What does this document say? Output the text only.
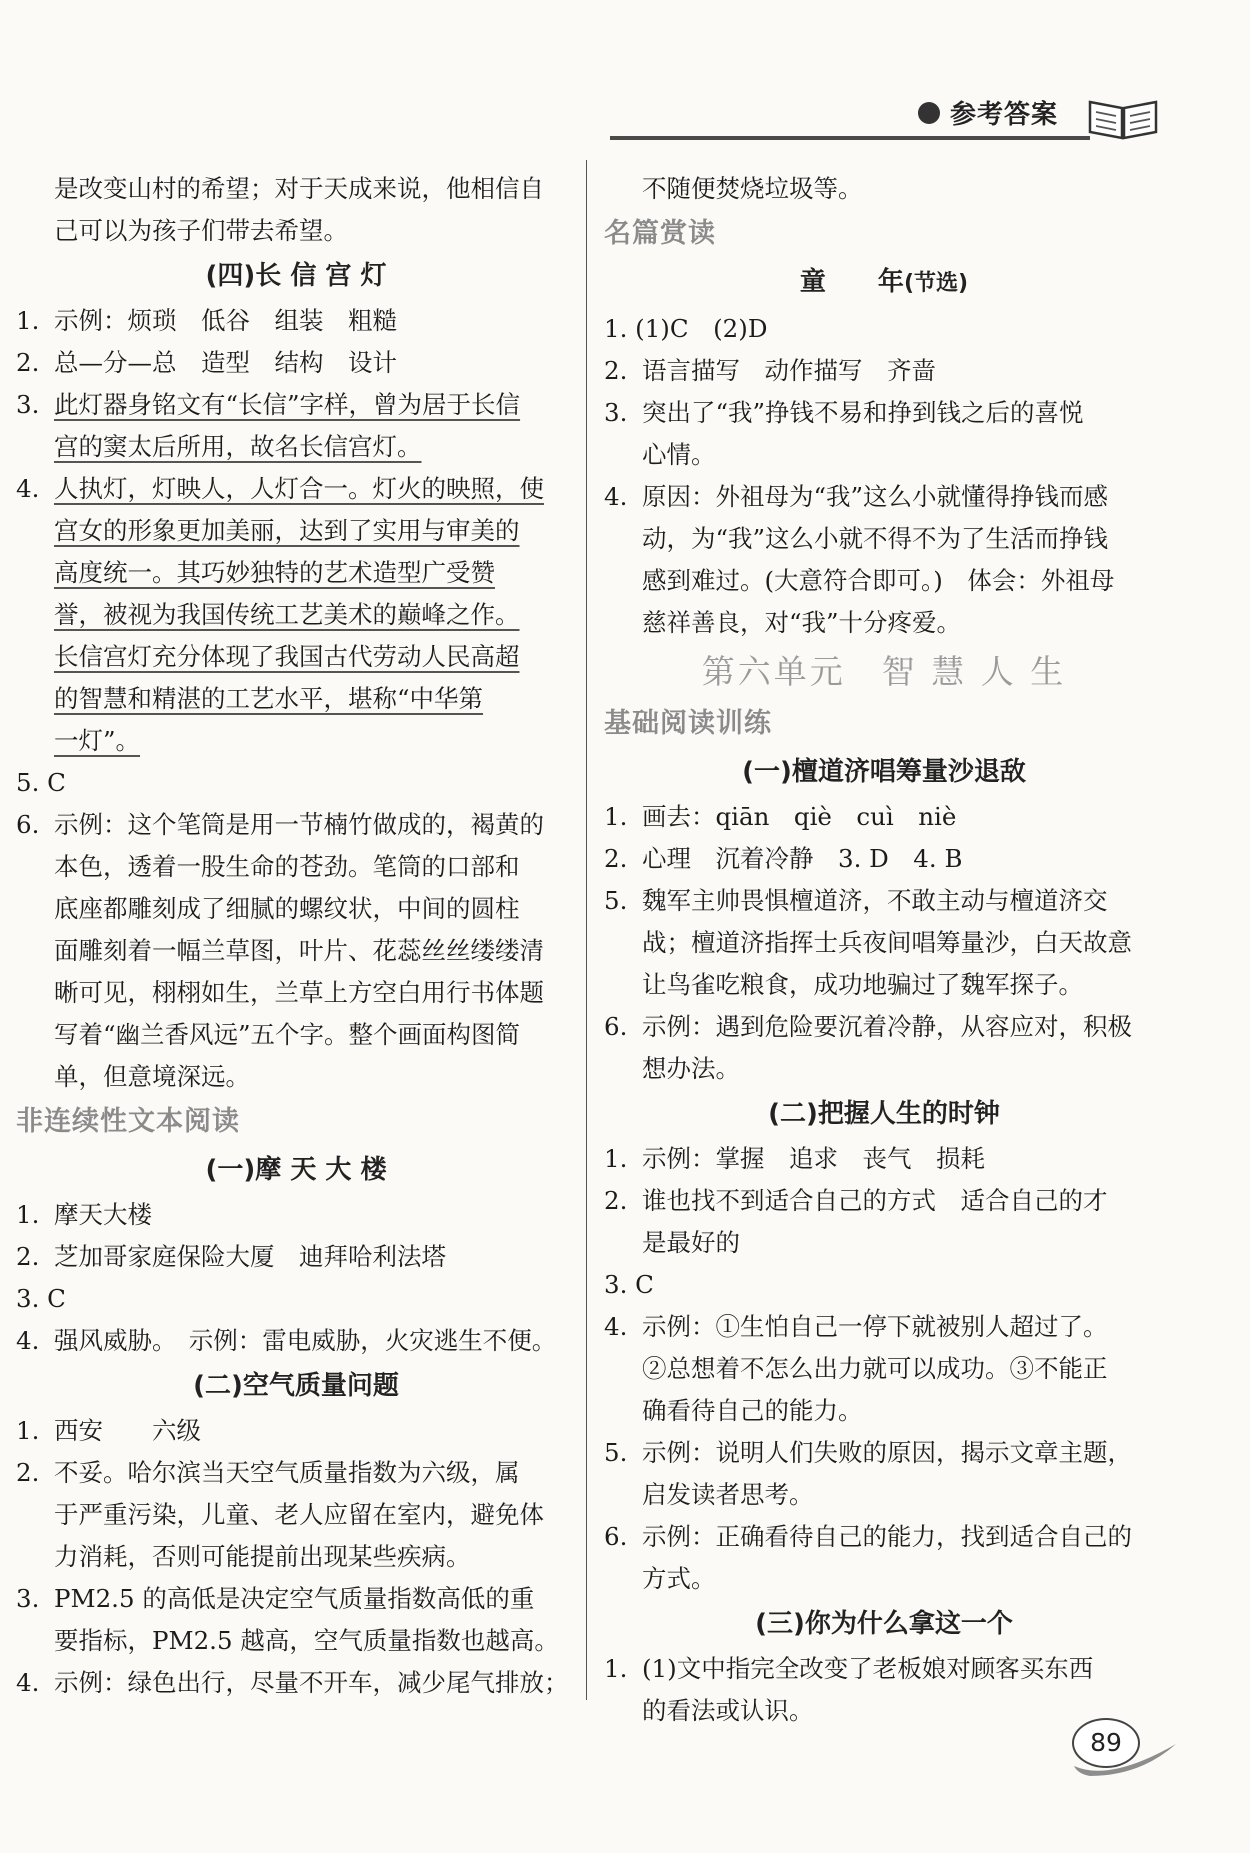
参考答案
是改变山村的希望；对于天成来说，他相信自
己可以为孩子们带去希望。
(四)长 信 宫 灯
1. 示例：烦琐　低谷　组装　粗糙
2. 总—分—总　造型　结构　设计
3. 此灯器身铭文有“长信”字样，曾为居于长信
宫的窦太后所用，故名长信宫灯。
4. 人执灯，灯映人，人灯合一。灯火的映照，使
宫女的形象更加美丽，达到了实用与审美的
高度统一。其巧妙独特的艺术造型广受赞
誉，被视为我国传统工艺美术的巅峰之作。
长信宫灯充分体现了我国古代劳动人民高超
的智慧和精湛的工艺水平，堪称“中华第
一灯”。
5. C
6. 示例：这个笔筒是用一节楠竹做成的，褐黄的
本色，透着一股生命的苍劲。笔筒的口部和
底座都雕刻成了细腻的螺纹状，中间的圆柱
面雕刻着一幅兰草图，叶片、花蕊丝丝缕缕清
晰可见，栩栩如生，兰草上方空白用行书体题
写着“幽兰香风远”五个字。整个画面构图简
单，但意境深远。
非连续性文本阅读
(一)摩 天 大 楼
1. 摩天大楼
2. 芝加哥家庭保险大厦　迪拜哈利法塔
3. C
4. 强风威胁。　示例：雷电威胁，火灾逃生不便。
(二)空气质量问题
1. 西安　　六级
2. 不妥。哈尔滨当天空气质量指数为六级，属
于严重污染，儿童、老人应留在室内，避免体
力消耗，否则可能提前出现某些疾病。
3. PM2.5 的高低是决定空气质量指数高低的重
要指标，PM2.5 越高，空气质量指数也越高。
4. 示例：绿色出行，尽量不开车，减少尾气排放；
不随便焚烧垃圾等。
名篇赏读
童　　年(节选)
1. (1)C　(2)D
2. 语言描写　动作描写　齐啬
3. 突出了“我”挣钱不易和挣到钱之后的喜悦
心情。
4. 原因：外祖母为“我”这么小就懂得挣钱而感
动，为“我”这么小就不得不为了生活而挣钱
感到难过。(大意符合即可。)　体会：外祖母
慈祥善良，对“我”十分疼爱。
第六单元　智 慧 人 生
基础阅读训练
(一)檀道济唱筹量沙退敌
1. 画去：qiān　qiè　cuì　niè
2. 心理　沉着冷静　3. D　4. B
5. 魏军主帅畏惧檀道济，不敢主动与檀道济交
战；檀道济指挥士兵夜间唱筹量沙，白天故意
让鸟雀吃粮食，成功地骗过了魏军探子。
6. 示例：遇到危险要沉着冷静，从容应对，积极
想办法。
(二)把握人生的时钟
1. 示例：掌握　追求　丧气　损耗
2. 谁也找不到适合自己的方式　适合自己的才
是最好的
3. C
4. 示例：①生怕自己一停下就被别人超过了。
②总想着不怎么出力就可以成功。③不能正
确看待自己的能力。
5. 示例：说明人们失败的原因，揭示文章主题，
启发读者思考。
6. 示例：正确看待自己的能力，找到适合自己的
方式。
(三)你为什么拿这一个
1. (1)文中指完全改变了老板娘对顾客买东西
的看法或认识。
89
